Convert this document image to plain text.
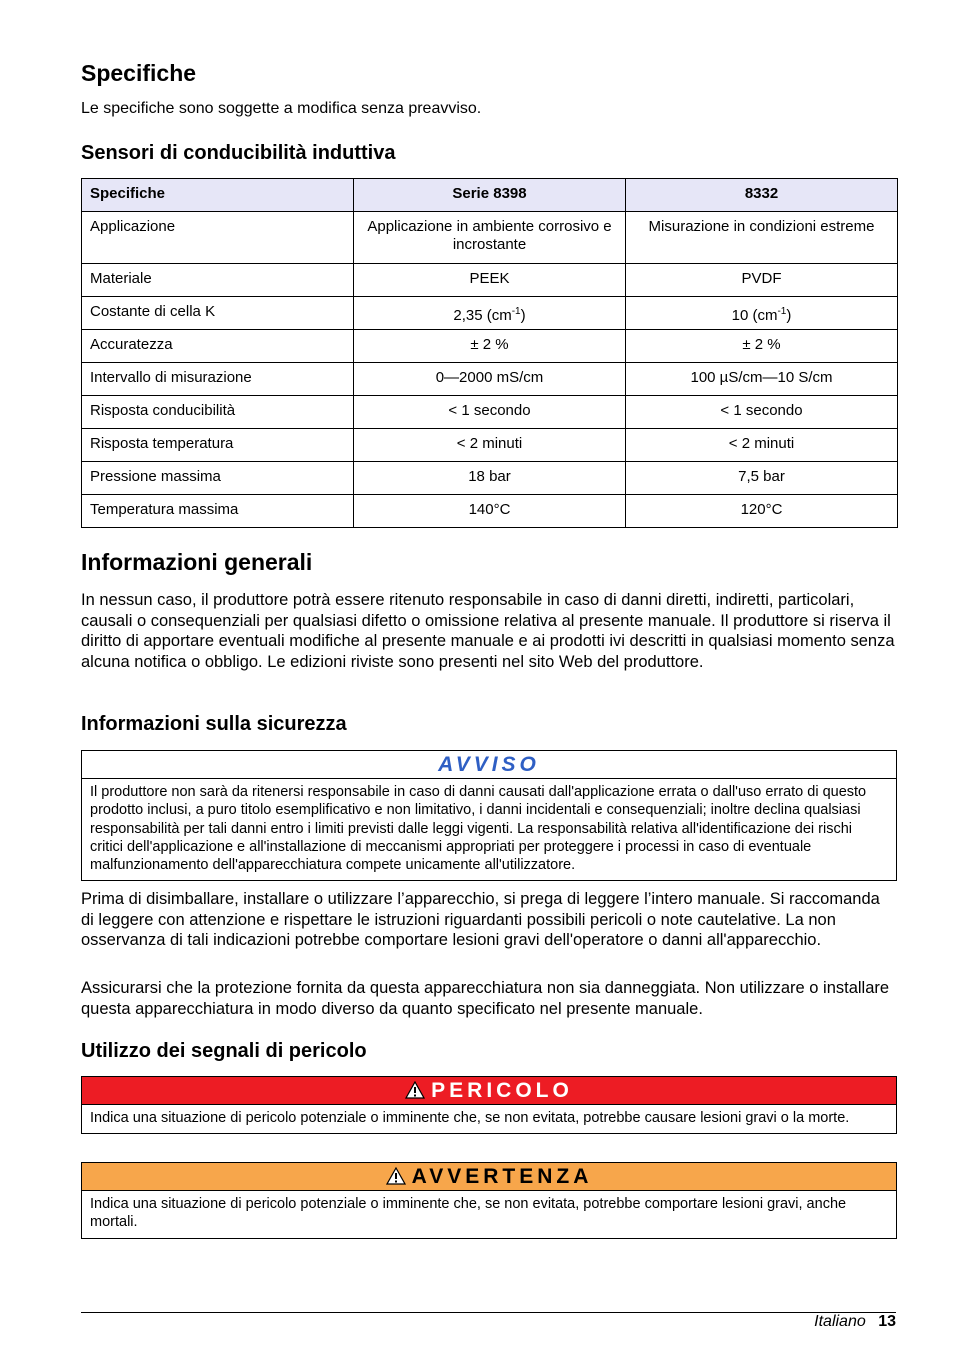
Specifiche

Le specifiche sono soggette a modifica senza preavviso.

Sensori di conducibilità induttiva
Specifiche	Serie 8398	8332
Applicazione	Applicazione in ambiente corrosivo e incrostante	Misurazione in condizioni estreme
Materiale	PEEK	PVDF
Costante di cella K	2,35 $(cm^{-1})$	10 $(cm^{-1})$
Accuratezza	± 2 %	± 2 %
Intervallo di misurazione	0—2000 mS/cm	100 µS/cm—10 S/cm
Risposta conducibilità	< 1 secondo	< 1 secondo
Risposta temperatura	< 2 minuti	< 2 minuti
Pressione massima	18 bar	7,5 bar
Temperatura massima	140°C	120°C
Informazioni generali

In nessun caso, il produttore potrà essere ritenuto responsabile in caso di danni diretti, indiretti, particolari, causali o consequenziali per qualsiasi difetto o omissione relativa al presente manuale. Il produttore si riserva il diritto di apportare eventuali modifiche al presente manuale e ai prodotti ivi descritti in qualsiasi momento senza alcuna notifica o obbligo. Le edizioni riviste sono presenti nel sito Web del produttore.

Informazioni sulla sicurezza
AVVISO
Il produttore non sarà da ritenersi responsabile in caso di danni causati dall'applicazione errata o dall'uso errato di questo prodotto inclusi, a puro titolo esemplificativo e non limitativo, i danni incidentali e consequenziali; inoltre declina qualsiasi responsabilità per tali danni entro i limiti previsti dalle leggi vigenti. La responsabilità relativa all'identificazione dei rischi critici dell'applicazione e all'installazione di meccanismi appropriati per proteggere i processi in caso di eventuale malfunzionamento dell'apparecchiatura compete unicamente all'utilizzatore.

Prima di disimballare, installare o utilizzare l’apparecchio, si prega di leggere l’intero manuale. Si raccomanda di leggere con attenzione e rispettare le istruzioni riguardanti possibili pericoli o note cautelative. La non osservanza di tali indicazioni potrebbe comportare lesioni gravi dell'operatore o danni all'apparecchio.

Assicurarsi che la protezione fornita da questa apparecchiatura non sia danneggiata. Non utilizzare o installare questa apparecchiatura in modo diverso da quanto specificato nel presente manuale.

Utilizzo dei segnali di pericolo
PERICOLO
Indica una situazione di pericolo potenziale o imminente che, se non evitata, potrebbe causare lesioni gravi o la morte.
AVVERTENZA
Indica una situazione di pericolo potenziale o imminente che, se non evitata, potrebbe comportare lesioni gravi, anche mortali.
Italiano 13
